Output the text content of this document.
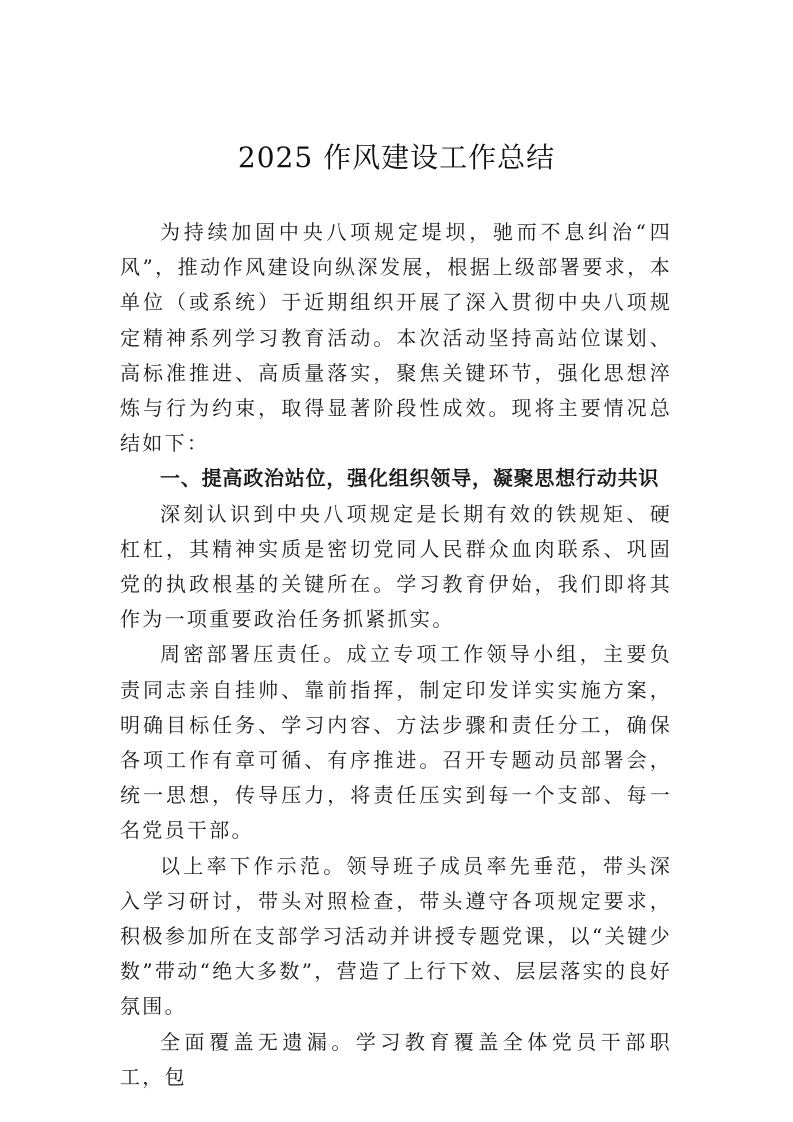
2025 作风建设工作总结

为持续加固中央八项规定堤坝，驰而不息纠治“四风”，推动作风建设向纵深发展，根据上级部署要求，本单位（或系统）于近期组织开展了深入贯彻中央八项规定精神系列学习教育活动。本次活动坚持高站位谋划、高标准推进、高质量落实，聚焦关键环节，强化思想淬炼与行为约束，取得显著阶段性成效。现将主要情况总结如下：

一、提高政治站位，强化组织领导，凝聚思想行动共识

深刻认识到中央八项规定是长期有效的铁规矩、硬杠杠，其精神实质是密切党同人民群众血肉联系、巩固党的执政根基的关键所在。学习教育伊始，我们即将其作为一项重要政治任务抓紧抓实。

周密部署压责任。成立专项工作领导小组，主要负责同志亲自挂帅、靠前指挥，制定印发详实实施方案，明确目标任务、学习内容、方法步骤和责任分工，确保各项工作有章可循、有序推进。召开专题动员部署会，统一思想，传导压力，将责任压实到每一个支部、每一名党员干部。

以上率下作示范。领导班子成员率先垂范，带头深入学习研讨，带头对照检查，带头遵守各项规定要求，积极参加所在支部学习活动并讲授专题党课，以“关键少数”带动“绝大多数”，营造了上行下效、层层落实的良好氛围。

全面覆盖无遗漏。学习教育覆盖全体党员干部职工，包
